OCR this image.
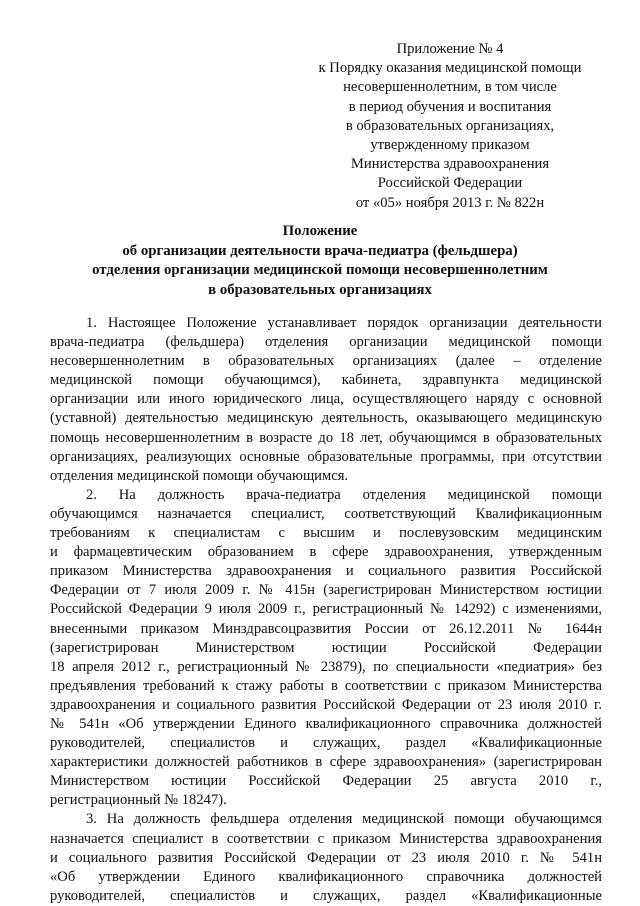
Приложение № 4
к Порядку оказания медицинской помощи
несовершеннолетним, в том числе
в период обучения и воспитания
в образовательных организациях,
утвержденному приказом
Министерства здравоохранения
Российской Федерации
от «05» ноября 2013 г. № 822н
Положение
об организации деятельности врача-педиатра (фельдшера)
отделения организации медицинской помощи несовершеннолетним
в образовательных организациях
1. Настоящее Положение устанавливает порядок организации деятельности
врача-педиатра (фельдшера) отделения организации медицинской помощи
несовершеннолетним в образовательных организациях (далее – отделение
медицинской помощи обучающимся), кабинета, здравпункта медицинской
организации или иного юридического лица, осуществляющего наряду с основной
(уставной) деятельностью медицинскую деятельность, оказывающего медицинскую
помощь несовершеннолетним в возрасте до 18 лет, обучающимся в образовательных
организациях, реализующих основные образовательные программы, при отсутствии
отделения медицинской помощи обучающимся.
2. На должность врача-педиатра отделения медицинской помощи
обучающимся назначается специалист, соответствующий Квалификационным
требованиям к специалистам с высшим и послевузовским медицинским
и фармацевтическим образованием в сфере здравоохранения, утвержденным
приказом Министерства здравоохранения и социального развития Российской
Федерации от 7 июля 2009 г. № 415н (зарегистрирован Министерством юстиции
Российской Федерации 9 июля 2009 г., регистрационный № 14292) с изменениями,
внесенными приказом Минздравсоцразвития России от 26.12.2011 № 1644н
(зарегистрирован Министерством юстиции Российской Федерации
18 апреля 2012 г., регистрационный № 23879), по специальности «педиатрия» без
предъявления требований к стажу работы в соответствии с приказом Министерства
здравоохранения и социального развития Российской Федерации от 23 июля 2010 г.
№ 541н «Об утверждении Единого квалификационного справочника должностей
руководителей, специалистов и служащих, раздел «Квалификационные
характеристики должностей работников в сфере здравоохранения» (зарегистрирован
Министерством юстиции Российской Федерации 25 августа 2010 г.,
регистрационный № 18247).
3. На должность фельдшера отделения медицинской помощи обучающимся
назначается специалист в соответствии с приказом Министерства здравоохранения
и социального развития Российской Федерации от 23 июля 2010 г. № 541н
«Об утверждении Единого квалификационного справочника должностей
руководителей, специалистов и служащих, раздел «Квалификационные
